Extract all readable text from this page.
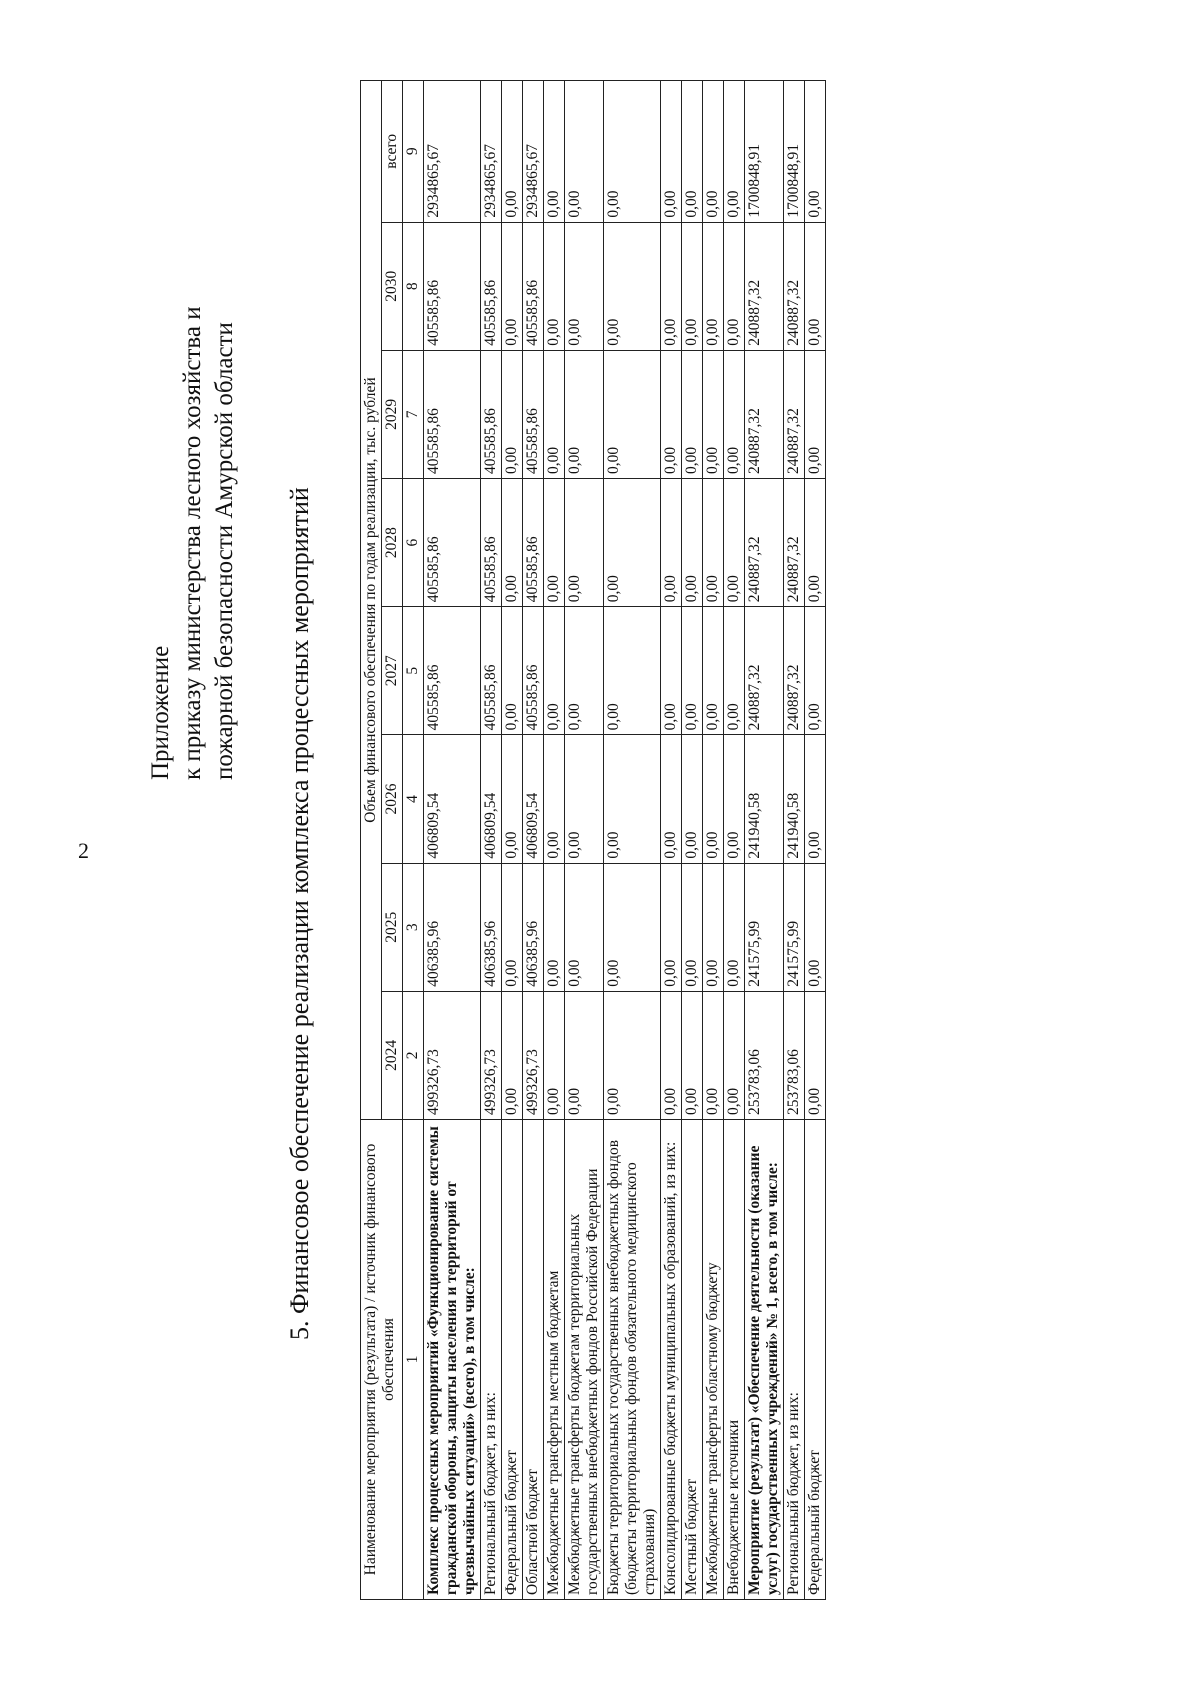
2
Приложение к приказу министерства лесного хозяйства и пожарной безопасности Амурской области 5. Финансовое обеспечение реализации комплекса процессных мероприятий
Наименование мероприятия (результата) / источник финансового обеспечения	Объем финансового обеспечения по годам реализации, тыс. рублей							
	2024	2025	2026	2027	2028	2029	2030	всего
1	2	3	4	5	6	7	8	9
Комплекс процессных мероприятий «Функционирование системы гражданской обороны, защиты населения и территорий от чрезвычайных ситуаций» (всего), в том числе:	499326,73	406385,96	406809,54	405585,86	405585,86	405585,86	405585,86	2934865,67
Региональный бюджет, из них:	499326,73	406385,96	406809,54	405585,86	405585,86	405585,86	405585,86	2934865,67
Федеральный бюджет	0,00	0,00	0,00	0,00	0,00	0,00	0,00	0,00
Областной бюджет	499326,73	406385,96	406809,54	405585,86	405585,86	405585,86	405585,86	2934865,67
Межбюджетные трансферты местным бюджетам	0,00	0,00	0,00	0,00	0,00	0,00	0,00	0,00
Межбюджетные трансферты бюджетам территориальных государственных внебюджетных фондов Российской Федерации	0,00	0,00	0,00	0,00	0,00	0,00	0,00	0,00
Бюджеты территориальных государственных внебюджетных фондов (бюджеты территориальных фондов обязательного медицинского страхования)	0,00	0,00	0,00	0,00	0,00	0,00	0,00	0,00
Консолидированные бюджеты муниципальных образований, из них:	0,00	0,00	0,00	0,00	0,00	0,00	0,00	0,00
Местный бюджет	0,00	0,00	0,00	0,00	0,00	0,00	0,00	0,00
Межбюджетные трансферты областному бюджету	0,00	0,00	0,00	0,00	0,00	0,00	0,00	0,00
Внебюджетные источники	0,00	0,00	0,00	0,00	0,00	0,00	0,00	0,00
Мероприятие (результат) «Обеспечение деятельности (оказание услуг) государственных учреждений» № 1, всего, в том числе:	253783,06	241575,99	241940,58	240887,32	240887,32	240887,32	240887,32	1700848,91
Региональный бюджет, из них:	253783,06	241575,99	241940,58	240887,32	240887,32	240887,32	240887,32	1700848,91
Федеральный бюджет	0,00	0,00	0,00	0,00	0,00	0,00	0,00	0,00
